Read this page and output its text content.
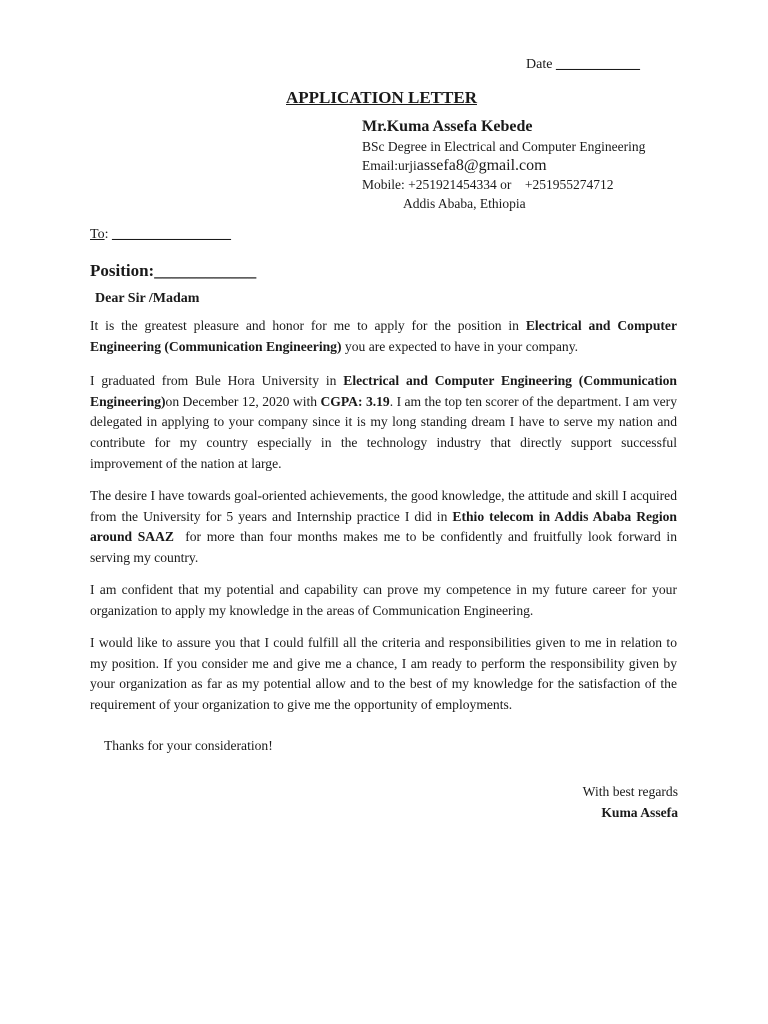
Date ____________
APPLICATION LETTER
Mr.Kuma Assefa Kebede
BSc Degree in Electrical and Computer Engineering
Email:urjiassefa8@gmail.com
Mobile: +251921454334 or    +251955274712
Addis Ababa, Ethiopia
To: _________________
Position:____________
Dear Sir /Madam

It is the greatest pleasure and honor for me to apply for the position in Electrical and Computer Engineering (Communication Engineering) you are expected to have in your company.

I graduated from Bule Hora University in Electrical and Computer Engineering (Communication Engineering)on December 12, 2020 with CGPA: 3.19. I am the top ten scorer of the department. I am very delegated in applying to your company since it is my long standing dream I have to serve my nation and contribute for my country especially in the technology industry that directly support successful improvement of the nation at large.

The desire I have towards goal-oriented achievements, the good knowledge, the attitude and skill I acquired from the University for 5 years and Internship practice I did in Ethio telecom in Addis Ababa Region around SAAZ  for more than four months makes me to be confidently and fruitfully look forward in serving my country.

I am confident that my potential and capability can prove my competence in my future career for your organization to apply my knowledge in the areas of Communication Engineering.

I would like to assure you that I could fulfill all the criteria and responsibilities given to me in relation to my position. If you consider me and give me a chance, I am ready to perform the responsibility given by your organization as far as my potential allow and to the best of my knowledge for the satisfaction of the requirement of your organization to give me the opportunity of employments.

Thanks for your consideration!
With best regards
Kuma Assefa
